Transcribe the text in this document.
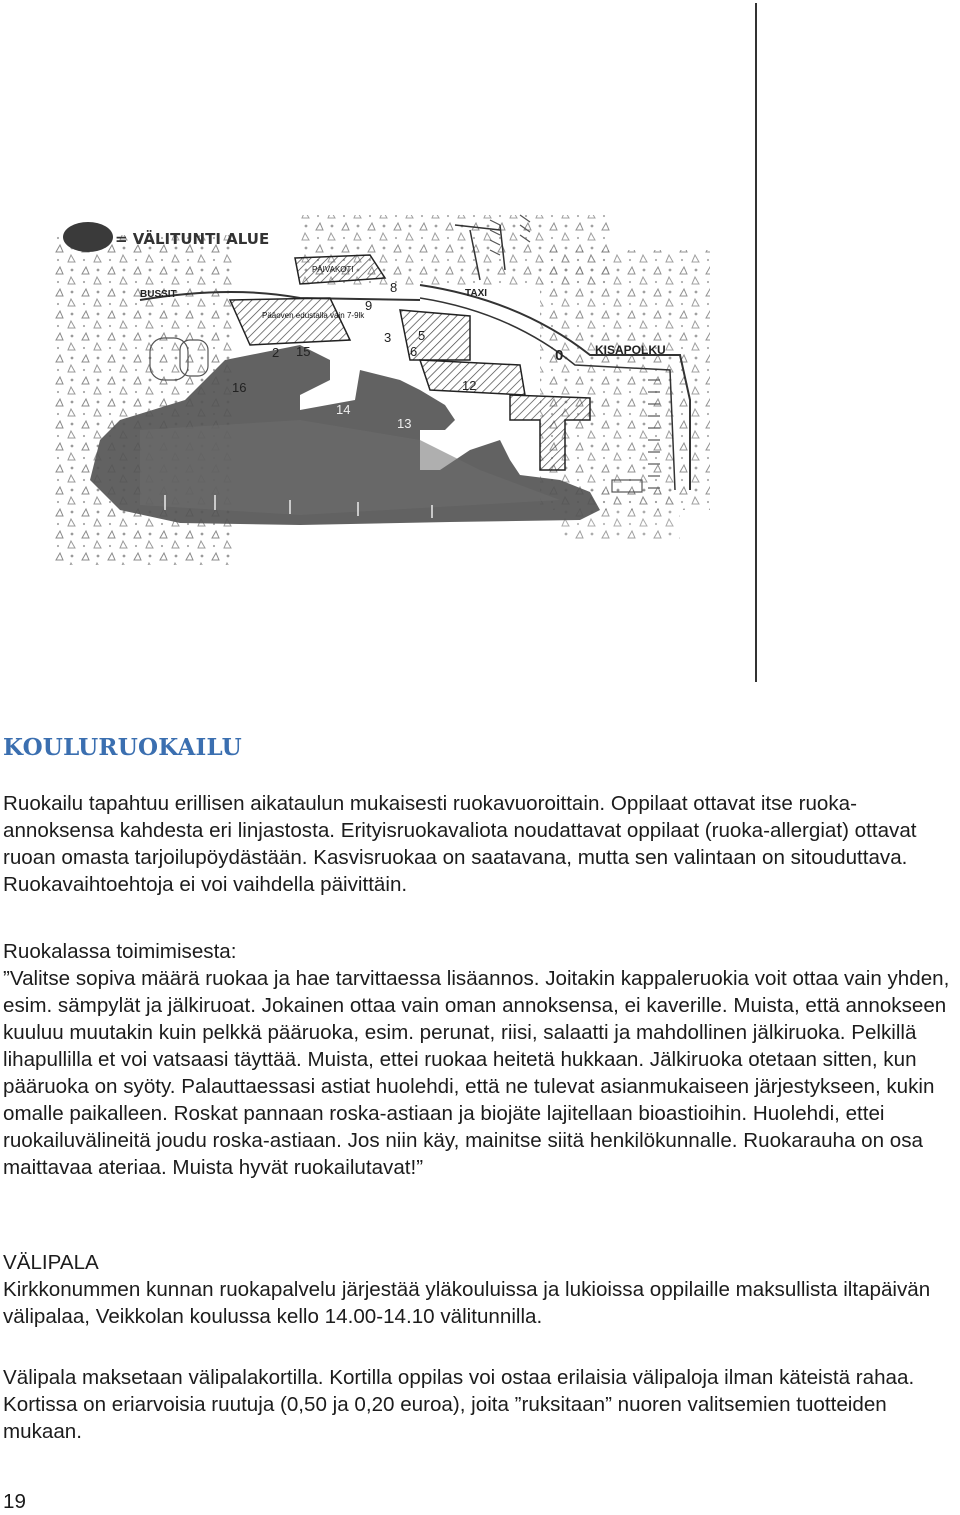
= VÄLITUNTI ALUE
BUSSIT	TAXI
KISAPOLKU
PÄIVAKOTI
Pääoven edustalla vain 7-9lk
2 15
16
3 5
6
8
9
12
13
14
0
KOULURUOKAILU

Ruokailu tapahtuu erillisen aikataulun mukaisesti ruokavuoroittain. Oppilaat ottavat itse ruoka-annoksensa kahdesta eri linjastosta. Erityisruokavaliota noudattavat oppilaat (ruoka-allergiat) ottavat ruoan omasta tarjoilupöydästään. Kasvisruokaa on saatavana, mutta sen valintaan on sitouduttava. Ruokavaihtoehtoja ei voi vaihdella päivittäin.

Ruokalassa toimimisesta:
”Valitse sopiva määrä ruokaa ja hae tarvittaessa lisäannos. Joitakin kappaleruokia voit ottaa vain yhden, esim. sämpylät ja jälkiruoat. Jokainen ottaa vain oman annoksensa, ei kaverille. Muista, että annokseen kuuluu muutakin kuin pelkkä pääruoka, esim. perunat, riisi, salaatti ja mahdollinen jälkiruoka. Pelkillä lihapullilla et voi vatsaasi täyttää. Muista, ettei ruokaa heitetä hukkaan. Jälkiruoka otetaan sitten, kun pääruoka on syöty. Palauttaessasi astiat huolehdi, että ne tulevat asianmukaiseen järjestykseen, kukin omalle paikalleen. Roskat pannaan roska-astiaan ja biojäte lajitellaan bioastioihin. Huolehdi, ettei ruokailuvälineitä joudu roska-astiaan. Jos niin käy, mainitse siitä henkilökunnalle. Ruokarauha on osa maittavaa ateriaa. Muista hyvät ruokailutavat!”
VÄLIPALA
Kirkkonummen kunnan ruokapalvelu järjestää yläkouluissa ja lukioissa oppilaille maksullista iltapäivän välipalaa, Veikkolan koulussa kello 14.00-14.10 välitunnilla.

Välipala maksetaan välipalakortilla. Kortilla oppilas voi ostaa erilaisia välipaloja ilman käteistä rahaa. Kortissa on eriarvoisia ruutuja (0,50 ja 0,20 euroa), joita ”ruksitaan” nuoren valitsemien tuotteiden mukaan.

19
